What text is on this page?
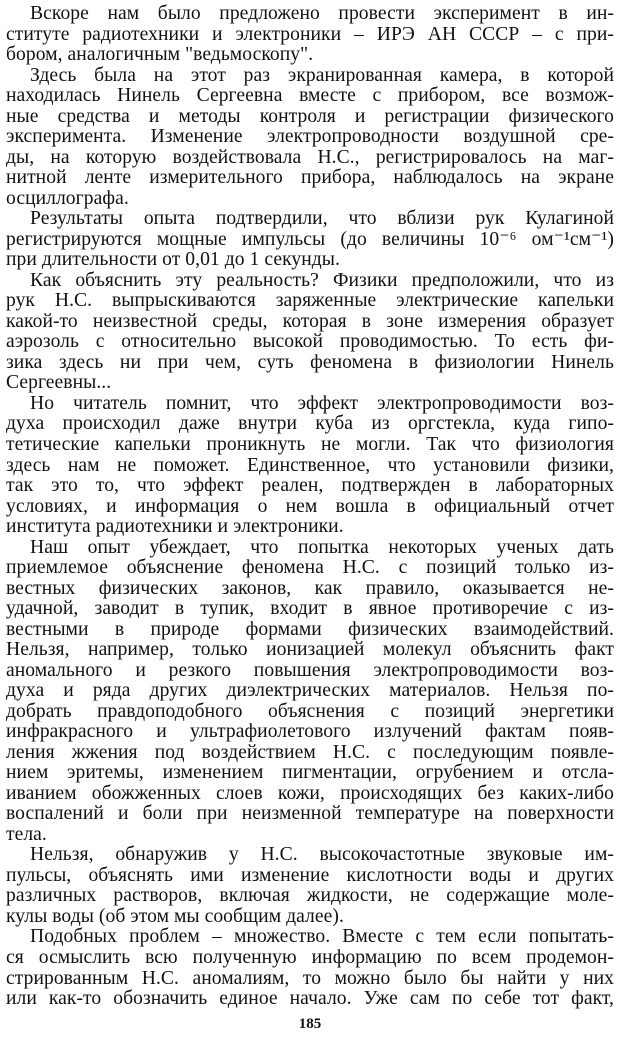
Вскоре нам было предложено провести эксперимент в ин-
ституте радиотехники и электроники – ИРЭ АН СССР – с при-
бором, аналогичным "ведьмоскопу".
Здесь была на этот раз экранированная камера, в которой
находилась Нинель Сергеевна вместе с прибором, все возмож-
ные средства и методы контроля и регистрации физического
эксперимента. Изменение электропроводности воздушной сре-
ды, на которую воздействовала Н.С., регистрировалось на маг-
нитной ленте измерительного прибора, наблюдалось на экране
осциллографа.
Результаты опыта подтвердили, что вблизи рук Кулагиной
регистрируются мощные импульсы (до величины 10⁻⁶ ом⁻¹см⁻¹)
при длительности от 0,01 до 1 секунды.
Как объяснить эту реальность? Физики предположили, что из
рук Н.С. выпрыскиваются заряженные электрические капельки
какой-то неизвестной среды, которая в зоне измерения образует
аэрозоль с относительно высокой проводимостью. То есть фи-
зика здесь ни при чем, суть феномена в физиологии Нинель
Сергеевны...
Но читатель помнит, что эффект электропроводимости воз-
духа происходил даже внутри куба из оргстекла, куда гипо-
тетические капельки проникнуть не могли. Так что физиология
здесь нам не поможет. Единственное, что установили физики,
так это то, что эффект реален, подтвержден в лабораторных
условиях, и информация о нем вошла в официальный отчет
института радиотехники и электроники.
Наш опыт убеждает, что попытка некоторых ученых дать
приемлемое объяснение феномена Н.С. с позиций только из-
вестных физических законов, как правило, оказывается не-
удачной, заводит в тупик, входит в явное противоречие с из-
вестными в природе формами физических взаимодействий.
Нельзя, например, только ионизацией молекул объяснить факт
аномального и резкого повышения электропроводимости воз-
духа и ряда других диэлектрических материалов. Нельзя по-
добрать правдоподобного объяснения с позиций энергетики
инфракрасного и ультрафиолетового излучений фактам появ-
ления жжения под воздействием Н.С. с последующим появле-
нием эритемы, изменением пигментации, огрубением и отсла-
иванием обожженных слоев кожи, происходящих без каких-либо
воспалений и боли при неизменной температуре на поверхности
тела.
Нельзя, обнаружив у Н.С. высокочастотные звуковые им-
пульсы, объяснять ими изменение кислотности воды и других
различных растворов, включая жидкости, не содержащие моле-
кулы воды (об этом мы сообщим далее).
Подобных проблем – множество. Вместе с тем если попытать-
ся осмыслить всю полученную информацию по всем продемон-
стрированным Н.С. аномалиям, то можно было бы найти у них
или как-то обозначить единое начало. Уже сам по себе тот факт,
185
